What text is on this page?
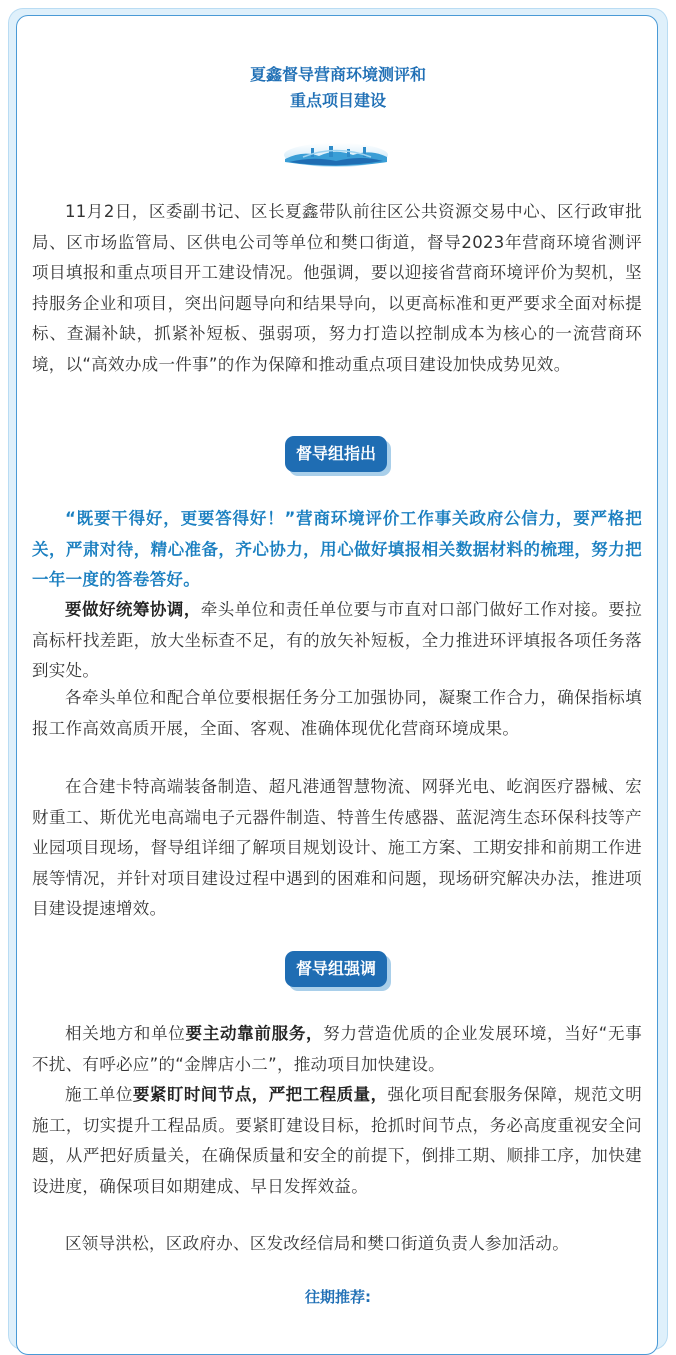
夏鑫督导营商环境测评和
重点项目建设
11月2日，区委副书记、区长夏鑫带队前往区公共资源交易中心、区行政审批局、区市场监管局、区供电公司等单位和樊口街道，督导2023年营商环境省测评项目填报和重点项目开工建设情况。他强调，要以迎接省营商环境评价为契机，坚持服务企业和项目，突出问题导向和结果导向，以更高标准和更严要求全面对标提标、查漏补缺，抓紧补短板、强弱项，努力打造以控制成本为核心的一流营商环境，以“高效办成一件事”的作为保障和推动重点项目建设加快成势见效。
督导组指出
“既要干得好，更要答得好！”营商环境评价工作事关政府公信力，要严格把关，严肃对待，精心准备，齐心协力，用心做好填报相关数据材料的梳理，努力把一年一度的答卷答好。
要做好统筹协调，牵头单位和责任单位要与市直对口部门做好工作对接。要拉高标杆找差距，放大坐标查不足，有的放矢补短板，全力推进环评填报各项任务落到实处。
各牵头单位和配合单位要根据任务分工加强协同，凝聚工作合力，确保指标填报工作高效高质开展，全面、客观、准确体现优化营商环境成果。
在合建卡特高端装备制造、超凡港通智慧物流、网驿光电、屹润医疗器械、宏财重工、斯优光电高端电子元器件制造、特普生传感器、蓝泥湾生态环保科技等产业园项目现场，督导组详细了解项目规划设计、施工方案、工期安排和前期工作进展等情况，并针对项目建设过程中遇到的困难和问题，现场研究解决办法，推进项目建设提速增效。
督导组强调
相关地方和单位要主动靠前服务，努力营造优质的企业发展环境，当好“无事不扰、有呼必应”的“金牌店小二”，推动项目加快建设。
施工单位要紧盯时间节点，严把工程质量，强化项目配套服务保障，规范文明施工，切实提升工程品质。要紧盯建设目标，抢抓时间节点，务必高度重视安全问题，从严把好质量关，在确保质量和安全的前提下，倒排工期、顺排工序，加快建设进度，确保项目如期建成、早日发挥效益。
区领导洪松，区政府办、区发改经信局和樊口街道负责人参加活动。
往期推荐:
